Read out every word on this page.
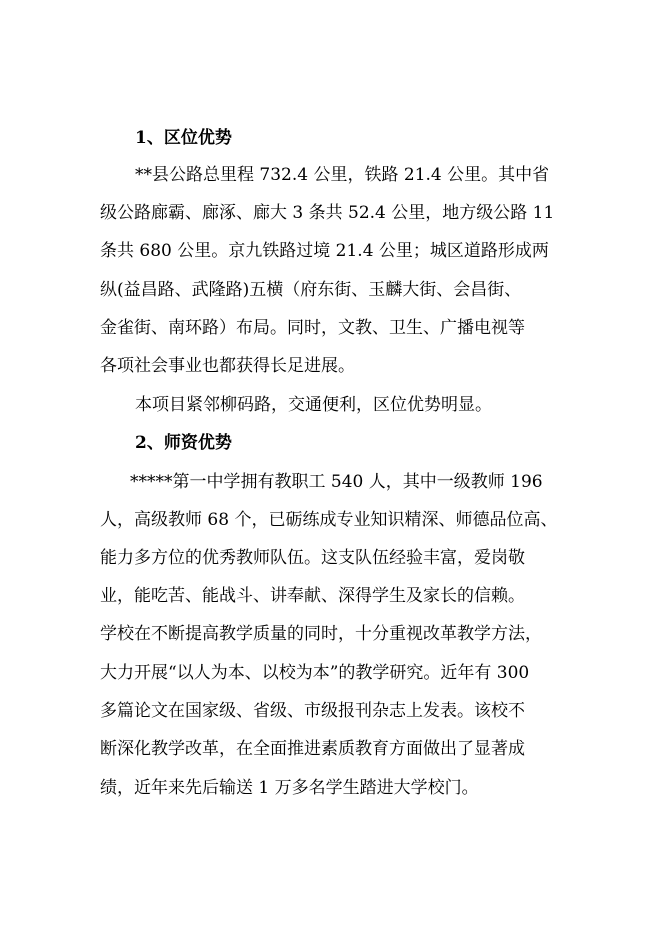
1、区位优势
**县公路总里程 732.4 公里，铁路 21.4 公里。其中省
级公路廊霸、廊涿、廊大 3 条共 52.4 公里，地方级公路 11
条共 680 公里。京九铁路过境 21.4 公里；城区道路形成两
纵(益昌路、武隆路)五横（府东街、玉麟大街、会昌街、
金雀街、南环路）布局。同时，文教、卫生、广播电视等
各项社会事业也都获得长足进展。
本项目紧邻柳码路，交通便利，区位优势明显。
2、师资优势
*****第一中学拥有教职工 540 人，其中一级教师 196
人，高级教师 68 个，已砺练成专业知识精深、师德品位高、
能力多方位的优秀教师队伍。这支队伍经验丰富，爱岗敬
业，能吃苦、能战斗、讲奉献、深得学生及家长的信赖。
学校在不断提高教学质量的同时，十分重视改革教学方法，
大力开展“以人为本、以校为本”的教学研究。近年有 300
多篇论文在国家级、省级、市级报刊杂志上发表。该校不
断深化教学改革，在全面推进素质教育方面做出了显著成
绩，近年来先后输送 1 万多名学生踏进大学校门。
